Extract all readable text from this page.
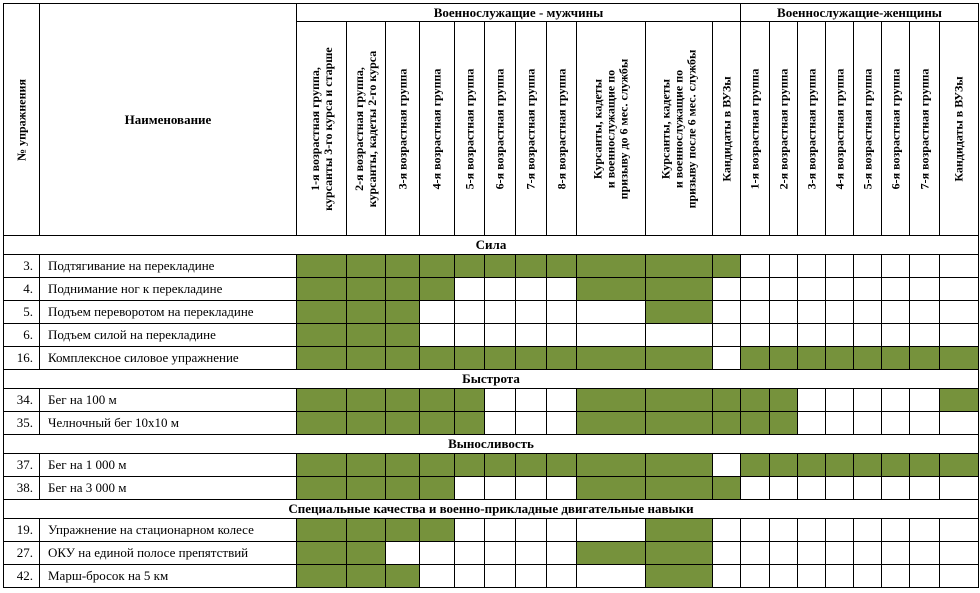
№ упражнения	Наименование
Военнослужащие - мужчины	Военнослужащие-женщины
1-я возрастная группа,
курсанты 3-го курса и старше
2-я возрастная группа,
курсанты, кадеты 2-го курса
3-я возрастная группа 4-я возрастная группа 5-я возрастная группа 6-я возрастная группа 7-я возрастная группа 8-я возрастная группа Курсанты, кадеты
и военнослужащие по
призыву до 6 мес. службы
Курсанты, кадеты
и военнослужащие по
призыву после 6 мес. службы
Кандидаты в ВУЗы 1-я возрастная группа 2-я возрастная группа 3-я возрастная группа 4-я возрастная группа 5-я возрастная группа 6-я возрастная группа 7-я возрастная группа Кандидаты в ВУЗы
Сила
3. Подтягивание на перекладине
4. Поднимание ног к перекладине
5. Подъем переворотом на перекладине
6. Подъем силой на перекладине
16. Комплексное силовое упражнение
Быстрота
34. Бег на 100 м
35. Челночный бег 10х10 м
Выносливость
37. Бег на 1 000 м
38. Бег на 3 000 м
Специальные качества и военно-прикладные двигательные навыки
19. Упражнение на стационарном колесе
27. ОКУ на единой полосе препятствий
42. Марш-бросок на 5 км
